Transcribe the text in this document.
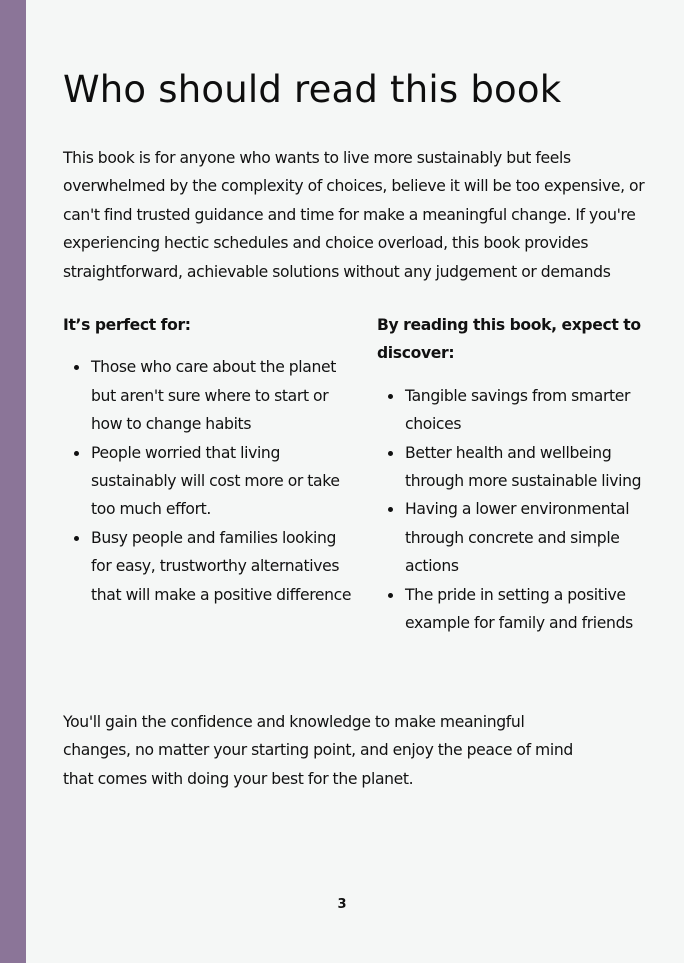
Who should read this book

This book is for anyone who wants to live more sustainably but feels overwhelmed by the complexity of choices, believe it will be too expensive, or can't find trusted guidance and time for make a meaningful change. If you're experiencing hectic schedules and choice overload, this book provides straightforward, achievable solutions without any judgement or demands

It’s perfect for:

Those who care about the planet but aren't sure where to start or how to change habits
People worried that living sustainably will cost more or take too much effort.
Busy people and families looking for easy, trustworthy alternatives that will make a positive difference

By reading this book, expect to discover:

Tangible savings from smarter choices
Better health and wellbeing through more sustainable living
Having a lower environmental through concrete and simple actions
The pride in setting a positive example for family and friends

You'll gain the confidence and knowledge to make meaningful changes, no matter your starting point, and enjoy the peace of mind that comes with doing your best for the planet.

3
